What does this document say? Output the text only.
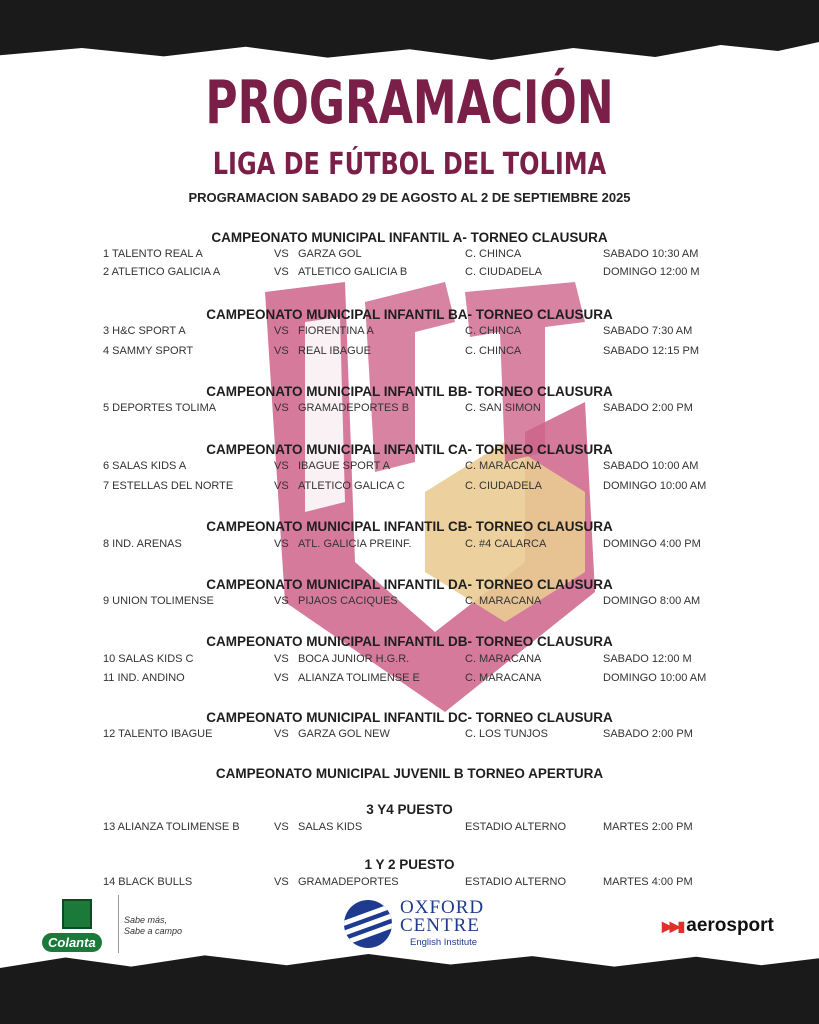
PROGRAMACIÓN
LIGA DE FÚTBOL DEL TOLIMA
PROGRAMACION SABADO 29 DE AGOSTO AL 2 DE SEPTIEMBRE 2025
CAMPEONATO MUNICIPAL INFANTIL A- TORNEO CLAUSURA
1 TALENTO REAL A	VS GARZA GOL	C. CHINCA	SABADO 10:30 AM
2 ATLETICO GALICIA A	VS ATLETICO GALICIA B	C. CIUDADELA	DOMINGO 12:00 M
CAMPEONATO MUNICIPAL INFANTIL BA- TORNEO CLAUSURA
3 H&C SPORT A	VS FIORENTINA A	C. CHINCA	SABADO 7:30 AM
4 SAMMY SPORT	VS REAL IBAGUE	C. CHINCA	SABADO 12:15 PM
CAMPEONATO MUNICIPAL INFANTIL BB- TORNEO CLAUSURA
5 DEPORTES TOLIMA	VS GRAMADEPORTES B	C. SAN SIMON	SABADO 2:00 PM
CAMPEONATO MUNICIPAL INFANTIL CA- TORNEO CLAUSURA
6 SALAS KIDS A	VS IBAGUE SPORT A	C. MARACANA	SABADO 10:00 AM
7 ESTELLAS DEL NORTE	VS ATLETICO GALICA C	C. CIUDADELA	DOMINGO 10:00 AM
CAMPEONATO MUNICIPAL INFANTIL CB- TORNEO CLAUSURA
8 IND. ARENAS	VS ATL. GALICIA PREINF.	C. #4 CALARCA	DOMINGO 4:00 PM
CAMPEONATO MUNICIPAL INFANTIL DA- TORNEO CLAUSURA
9 UNION TOLIMENSE	VS PIJAOS CACIQUES	C. MARACANA	DOMINGO 8:00 AM
CAMPEONATO MUNICIPAL INFANTIL DB- TORNEO CLAUSURA
10 SALAS KIDS C	VS BOCA JUNIOR H.G.R.	C. MARACANA	SABADO 12:00 M
11 IND. ANDINO	VS ALIANZA TOLIMENSE E	C. MARACANA	DOMINGO 10:00 AM
CAMPEONATO MUNICIPAL INFANTIL DC- TORNEO CLAUSURA
12 TALENTO IBAGUE	VS GARZA GOL NEW	C. LOS TUNJOS	SABADO 2:00 PM
CAMPEONATO MUNICIPAL JUVENIL B TORNEO APERTURA
3 Y4 PUESTO
13 ALIANZA TOLIMENSE B	VS SALAS KIDS	ESTADIO ALTERNO	MARTES 2:00 PM
1 Y 2 PUESTO
14 BLACK BULLS	VS GRAMADEPORTES	ESTADIO ALTERNO	MARTES 4:00 PM
Colanta
Sabe más,
Sabe a campo
OXFORD
CENTRE
English Institute
▶▶▮ aerosport
